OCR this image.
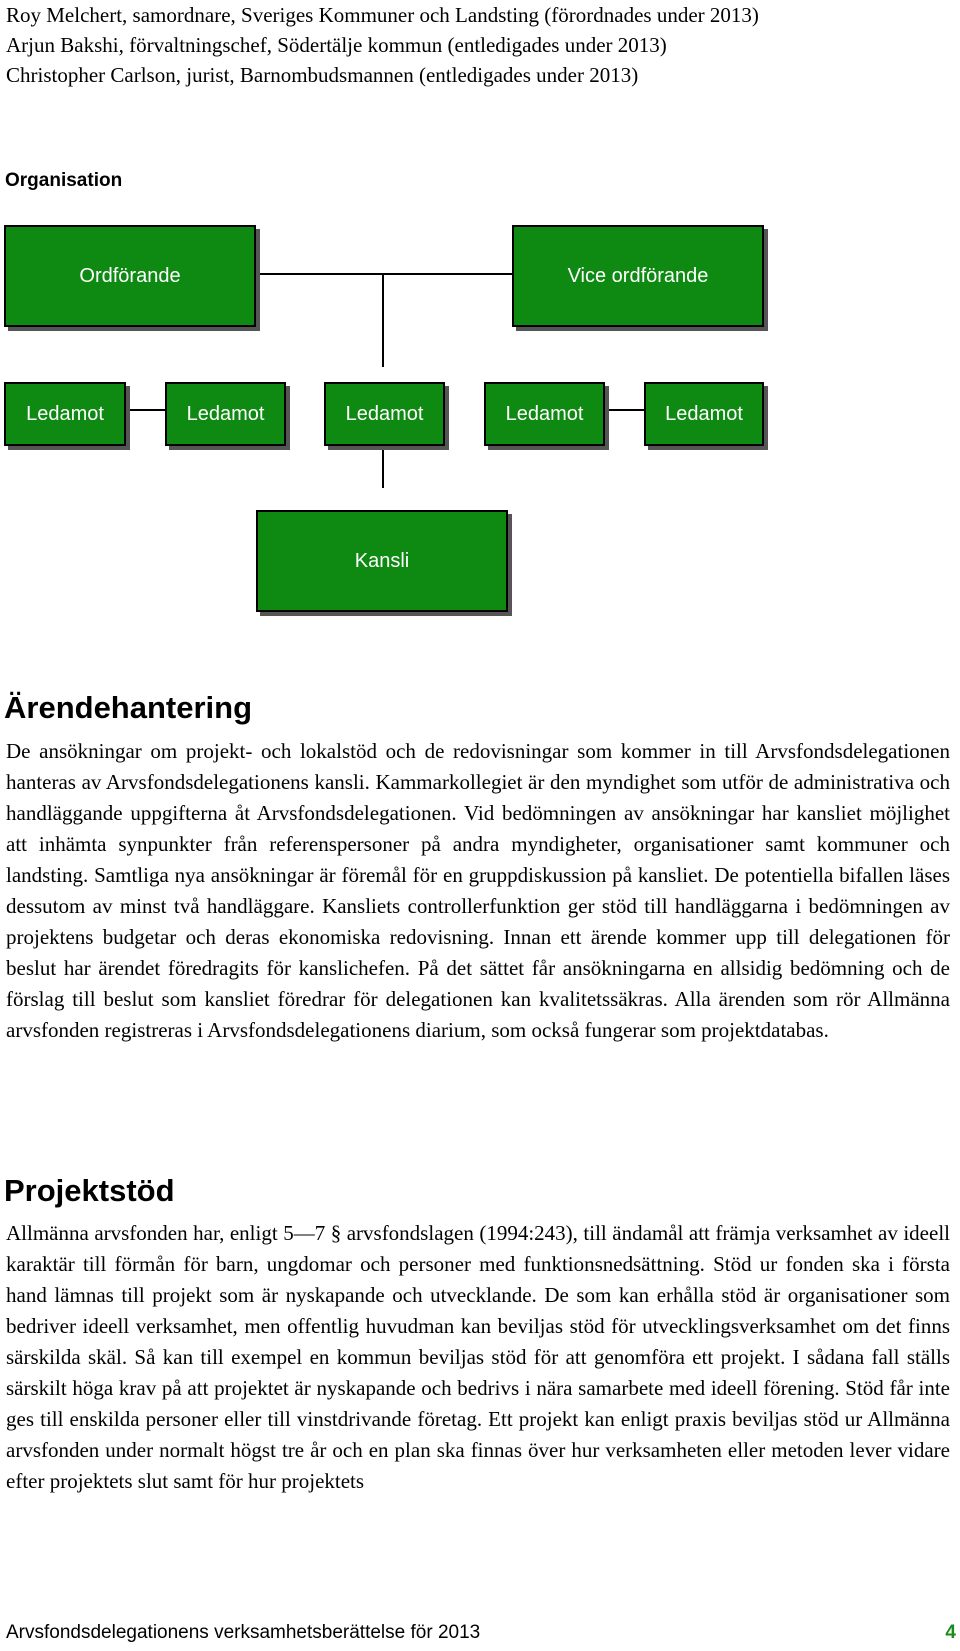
Roy Melchert, samordnare, Sveriges Kommuner och Landsting (förordnades under 2013)

Arjun Bakshi, förvaltningschef, Södertälje kommun (entledigades under 2013)

Christopher Carlson, jurist, Barnombudsmannen (entledigades under 2013)

Organisation
Ordförande	Vice ordförande
Ledamot	Ledamot	Ledamot	Ledamot	Ledamot
Kansli
Ärendehantering

De ansökningar om projekt- och lokalstöd och de redovisningar som kommer in till Arvsfondsdelegationen hanteras av Arvsfondsdelegationens kansli. Kammarkollegiet är den myndighet som utför de administrativa och handläggande uppgifterna åt Arvsfondsdelegationen. Vid bedömningen av ansökningar har kansliet möjlighet att inhämta synpunkter från referenspersoner på andra myndigheter, organisationer samt kommuner och landsting. Samtliga nya ansökningar är föremål för en gruppdiskussion på kansliet. De potentiella bifallen läses dessutom av minst två handläggare. Kansliets controllerfunktion ger stöd till handläggarna i bedömningen av projektens budgetar och deras ekonomiska redovisning. Innan ett ärende kommer upp till delegationen för beslut har ärendet föredragits för kanslichefen. På det sättet får ansökningarna en allsidig bedömning och de förslag till beslut som kansliet föredrar för delegationen kan kvalitetssäkras. Alla ärenden som rör Allmänna arvsfonden registreras i Arvsfondsdelegationens diarium, som också fungerar som projektdatabas.

Projektstöd

Allmänna arvsfonden har, enligt 5—7 § arvsfondslagen (1994:243), till ändamål att främja verksamhet av ideell karaktär till förmån för barn, ungdomar och personer med funktionsnedsättning. Stöd ur fonden ska i första hand lämnas till projekt som är nyskapande och utvecklande. De som kan erhålla stöd är organisationer som bedriver ideell verksamhet, men offentlig huvudman kan beviljas stöd för utvecklingsverksamhet om det finns särskilda skäl. Så kan till exempel en kommun beviljas stöd för att genomföra ett projekt. I sådana fall ställs särskilt höga krav på att projektet är nyskapande och bedrivs i nära samarbete med ideell förening. Stöd får inte ges till enskilda personer eller till vinstdrivande företag. Ett projekt kan enligt praxis beviljas stöd ur Allmänna arvsfonden under normalt högst tre år och en plan ska finnas över hur verksamheten eller metoden lever vidare efter projektets slut samt för hur projektets

Arvsfondsdelegationens verksamhetsberättelse för 2013	4
